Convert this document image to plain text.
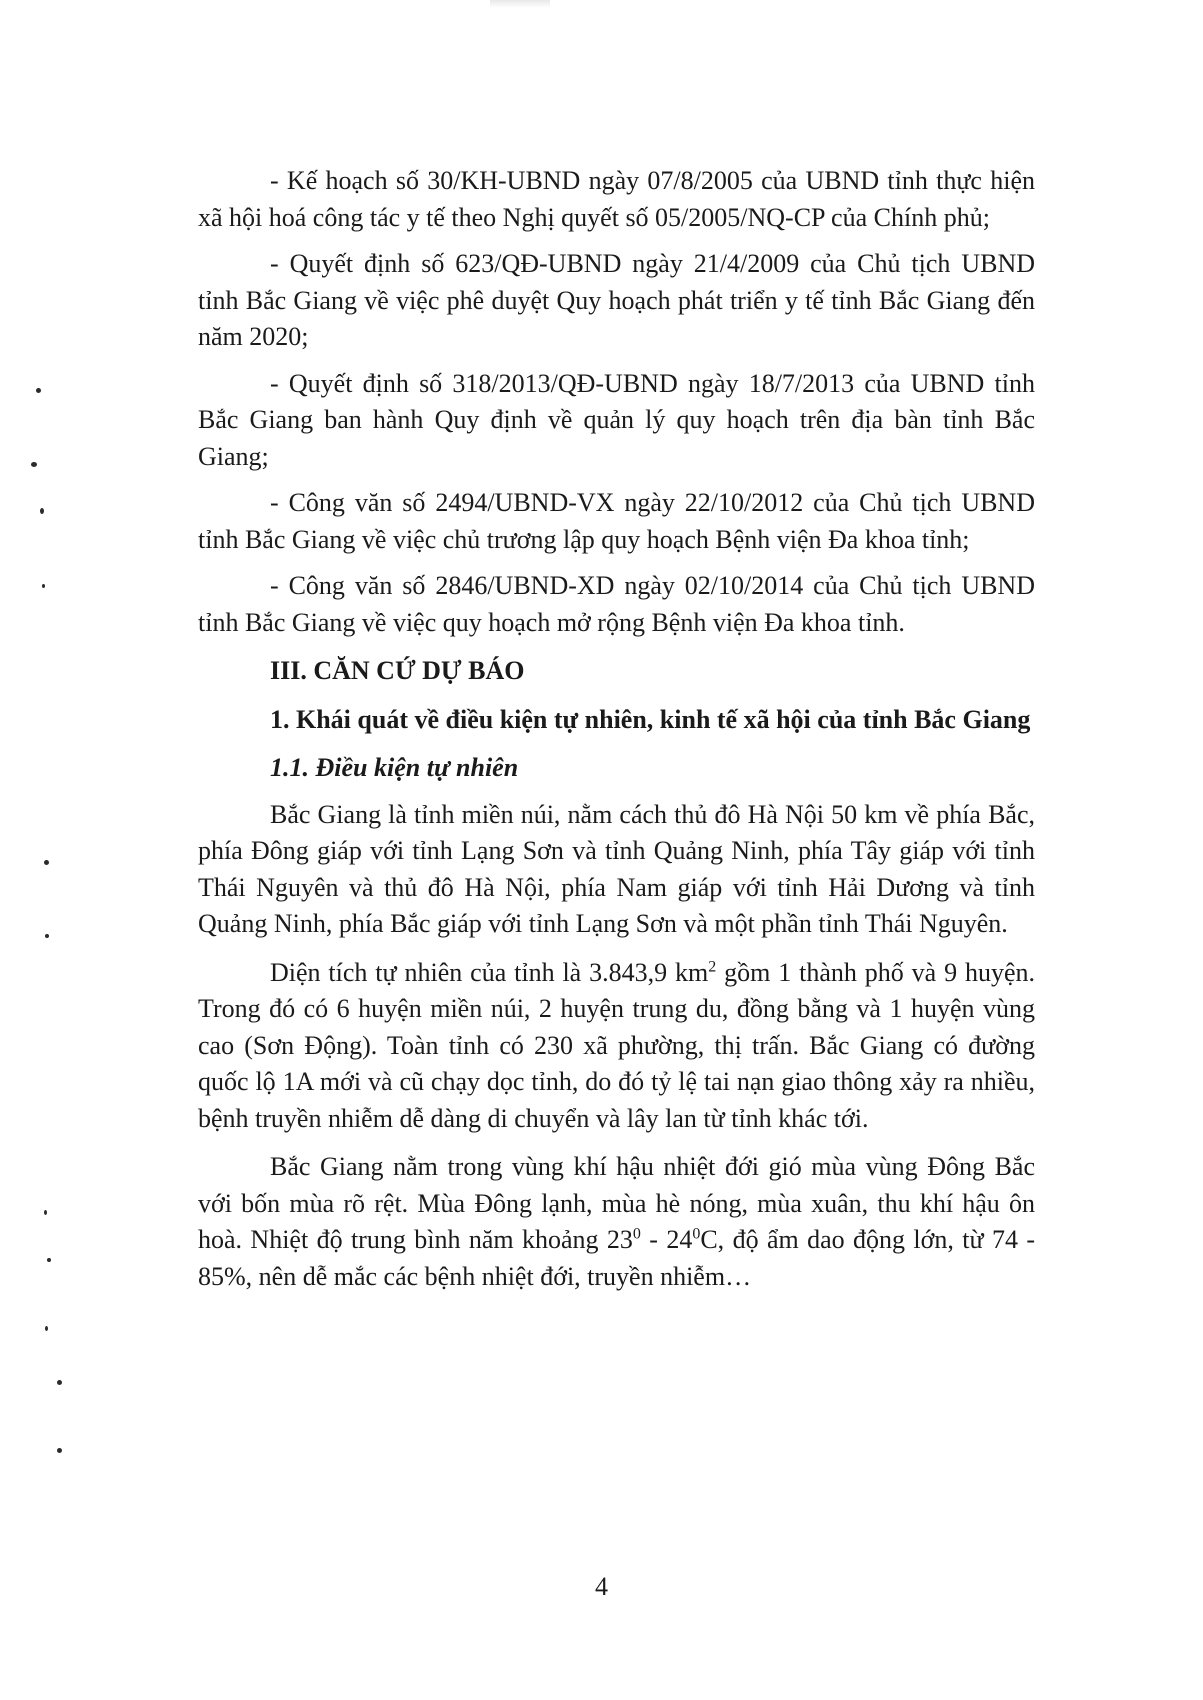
- Kế hoạch số 30/KH-UBND ngày 07/8/2005 của UBND tỉnh thực hiện xã hội hoá công tác y tế theo Nghị quyết số 05/2005/NQ-CP của Chính phủ;

- Quyết định số 623/QĐ-UBND ngày 21/4/2009 của Chủ tịch UBND tỉnh Bắc Giang về việc phê duyệt Quy hoạch phát triển y tế tỉnh Bắc Giang đến năm 2020;

- Quyết định số 318/2013/QĐ-UBND ngày 18/7/2013 của UBND tỉnh Bắc Giang ban hành Quy định về quản lý quy hoạch trên địa bàn tỉnh Bắc Giang;

- Công văn số 2494/UBND-VX ngày 22/10/2012 của Chủ tịch UBND tỉnh Bắc Giang về việc chủ trương lập quy hoạch Bệnh viện Đa khoa tỉnh;

- Công văn số 2846/UBND-XD ngày 02/10/2014 của Chủ tịch UBND tỉnh Bắc Giang về việc quy hoạch mở rộng Bệnh viện Đa khoa tỉnh.

III. CĂN CỨ DỰ BÁO

1. Khái quát về điều kiện tự nhiên, kinh tế xã hội của tỉnh Bắc Giang

1.1. Điều kiện tự nhiên

Bắc Giang là tỉnh miền núi, nằm cách thủ đô Hà Nội 50 km về phía Bắc, phía Đông giáp với tỉnh Lạng Sơn và tỉnh Quảng Ninh, phía Tây giáp với tỉnh Thái Nguyên và thủ đô Hà Nội, phía Nam giáp với tỉnh Hải Dương và tỉnh Quảng Ninh, phía Bắc giáp với tỉnh Lạng Sơn và một phần tỉnh Thái Nguyên.

Diện tích tự nhiên của tỉnh là 3.843,9 $km^2$ gồm 1 thành phố và 9 huyện. Trong đó có 6 huyện miền núi, 2 huyện trung du, đồng bằng và 1 huyện vùng cao (Sơn Động). Toàn tỉnh có 230 xã phường, thị trấn. Bắc Giang có đường quốc lộ 1A mới và cũ chạy dọc tỉnh, do đó tỷ lệ tai nạn giao thông xảy ra nhiều, bệnh truyền nhiễm dễ dàng di chuyển và lây lan từ tỉnh khác tới.

Bắc Giang nằm trong vùng khí hậu nhiệt đới gió mùa vùng Đông Bắc với bốn mùa rõ rệt. Mùa Đông lạnh, mùa hè nóng, mùa xuân, thu khí hậu ôn hoà. Nhiệt độ trung bình năm khoảng $23^0 - 24^0C$, độ ẩm dao động lớn, từ 74 - 85%, nên dễ mắc các bệnh nhiệt đới, truyền nhiễm…

4
